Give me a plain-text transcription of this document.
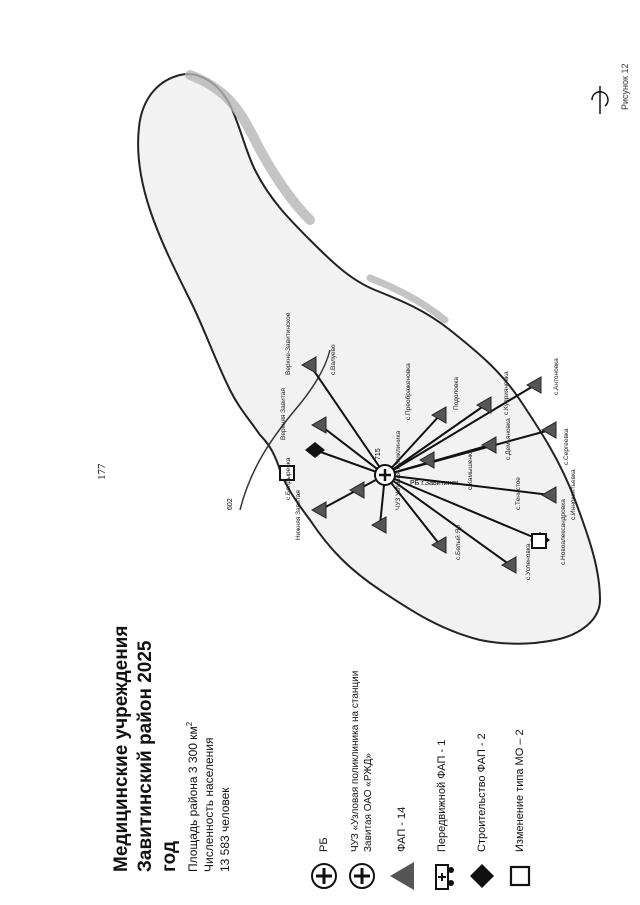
177
Медицинские учреждения Завитинский район 2025 год Площадь района 3 300 $км^2$
Численность населения 13 583 человек	РБ ЧУЗ «Узловая поликлиника на станции Завитая ОАО «РЖД» ФАП - 14	Передвижной ФАП - 1	Строительство ФАП - 2 Изменение типа МО – 2
602
РБ г.Завитинск
715
с.Успеновка
с.Белый Яр
с.Тенистое
с.Камышенка
с.Новоалександровка
с.Иннокентьевка
с.Демьяновка	с.Сергеевка
с.Куприяновка	с.Антоновка
Подоловка
с.Преображеновка
Верхняя Завитая
с.Валуево
Нижняя Завитая
Верхне-Завитинское
с.Болдыревка	ЧУЗ Узловая поликлиника
Рисунок 12
